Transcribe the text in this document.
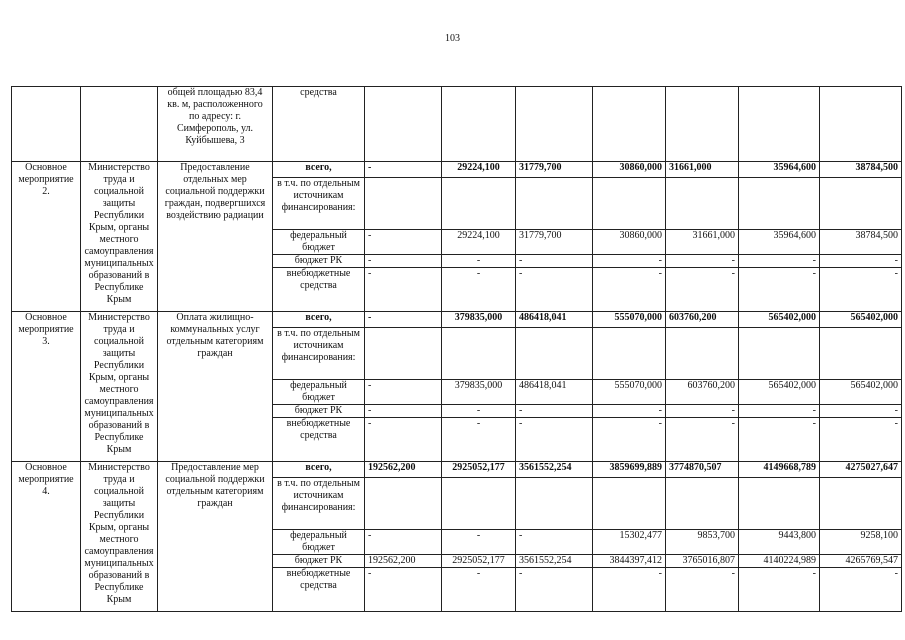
103
		общей площадью 83,4 кв. м, расположенного по адресу: г. Симферополь, ул. Куйбышева, 3	средства							
Основное мероприятие 2.	Министерство труда и социальной защиты Республики Крым, органы местного самоуправления муниципальных образований в Республике Крым	Предоставление отдельных мер социальной поддержки граждан, подвергшихся воздействию радиации	всего,	-	29224,100	31779,700	30860,000	31661,000	35964,600	38784,500
			в т.ч. по отдельным источникам финансирования:							
			федеральный бюджет	-	29224,100	31779,700	30860,000	31661,000	35964,600	38784,500
			бюджет РК	-	-	-	-	-	-	-
			внебюджетные средства	-	-	-	-	-	-	-
Основное мероприятие 3.	Министерство труда и социальной защиты Республики Крым, органы местного самоуправления муниципальных образований в Республике Крым	Оплата жилищно-коммунальных услуг отдельным категориям граждан	всего,	-	379835,000	486418,041	555070,000	603760,200	565402,000	565402,000
			в т.ч. по отдельным источникам финансирования:							
			федеральный бюджет	-	379835,000	486418,041	555070,000	603760,200	565402,000	565402,000
			бюджет РК	-	-	-	-	-	-	-
			внебюджетные средства	-	-	-	-	-	-	-
Основное мероприятие 4.	Министерство труда и социальной защиты Республики Крым, органы местного самоуправления муниципальных образований в Республике Крым	Предоставление мер социальной поддержки отдельным категориям граждан	всего,	192562,200	2925052,177	3561552,254	3859699,889	3774870,507	4149668,789	4275027,647
			в т.ч. по отдельным источникам финансирования:							
			федеральный бюджет	-	-	-	15302,477	9853,700	9443,800	9258,100
			бюджет РК	192562,200	2925052,177	3561552,254	3844397,412	3765016,807	4140224,989	4265769,547
			внебюджетные средства	-	-	-	-	-	-	-
